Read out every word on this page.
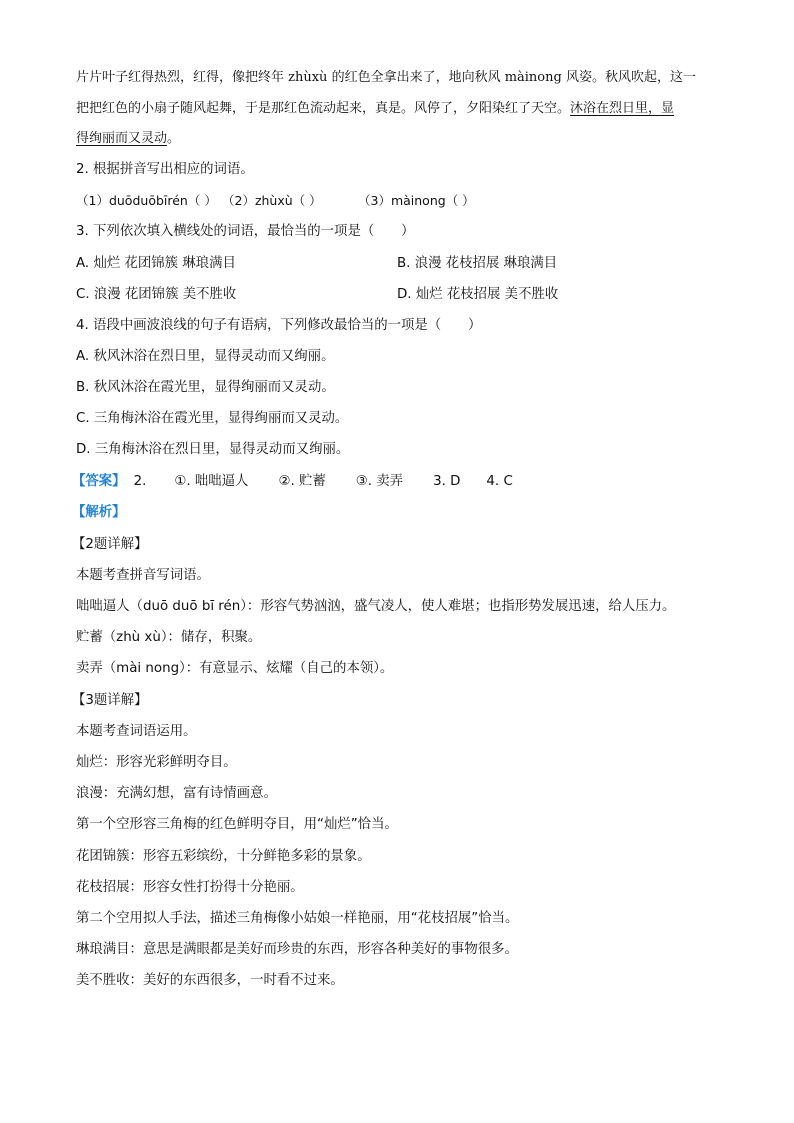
片片叶子红得热烈，红得，像把终年 zhùxù 的红色全拿出来了，地向秋风 màinong 风姿。秋风吹起，这一
把把红色的小扇子随风起舞，于是那红色流动起来，真是。风停了，夕阳染红了天空。沐浴在烈日里，显
得绚丽而又灵动。
2. 根据拼音写出相应的词语。
（1）duōduōbīrén（ ） （2）zhùxù（ ）	（3）màinong（ ）
3. 下列依次填入横线处的词语，最恰当的一项是（　　）
A. 灿烂 花团锦簇 琳琅满目	B. 浪漫 花枝招展 琳琅满目
C. 浪漫 花团锦簇 美不胜收	D. 灿烂 花枝招展 美不胜收
4. 语段中画波浪线的句子有语病，下列修改最恰当的一项是（　　）
A. 秋风沐浴在烈日里，显得灵动而又绚丽。
B. 秋风沐浴在霞光里，显得绚丽而又灵动。
C. 三角梅沐浴在霞光里，显得绚丽而又灵动。
D. 三角梅沐浴在烈日里，显得灵动而又绚丽。
【答案】 2. ①. 咄咄逼人 ②. 贮蓄 ③. 卖弄 3. D 4. C
【解析】
【2题详解】
本题考查拼音写词语。
咄咄逼人（duō duō bī rén）：形容气势汹汹，盛气凌人，使人难堪；也指形势发展迅速，给人压力。
贮蓄（zhù xù）：储存，积聚。
卖弄（mài nong）：有意显示、炫耀（自己的本领）。
【3题详解】
本题考查词语运用。
灿烂：形容光彩鲜明夺目。
浪漫：充满幻想，富有诗情画意。
第一个空形容三角梅的红色鲜明夺目，用“灿烂”恰当。
花团锦簇：形容五彩缤纷，十分鲜艳多彩的景象。
花枝招展：形容女性打扮得十分艳丽。
第二个空用拟人手法，描述三角梅像小姑娘一样艳丽，用“花枝招展”恰当。
琳琅满目：意思是满眼都是美好而珍贵的东西，形容各种美好的事物很多。
美不胜收：美好的东西很多，一时看不过来。
